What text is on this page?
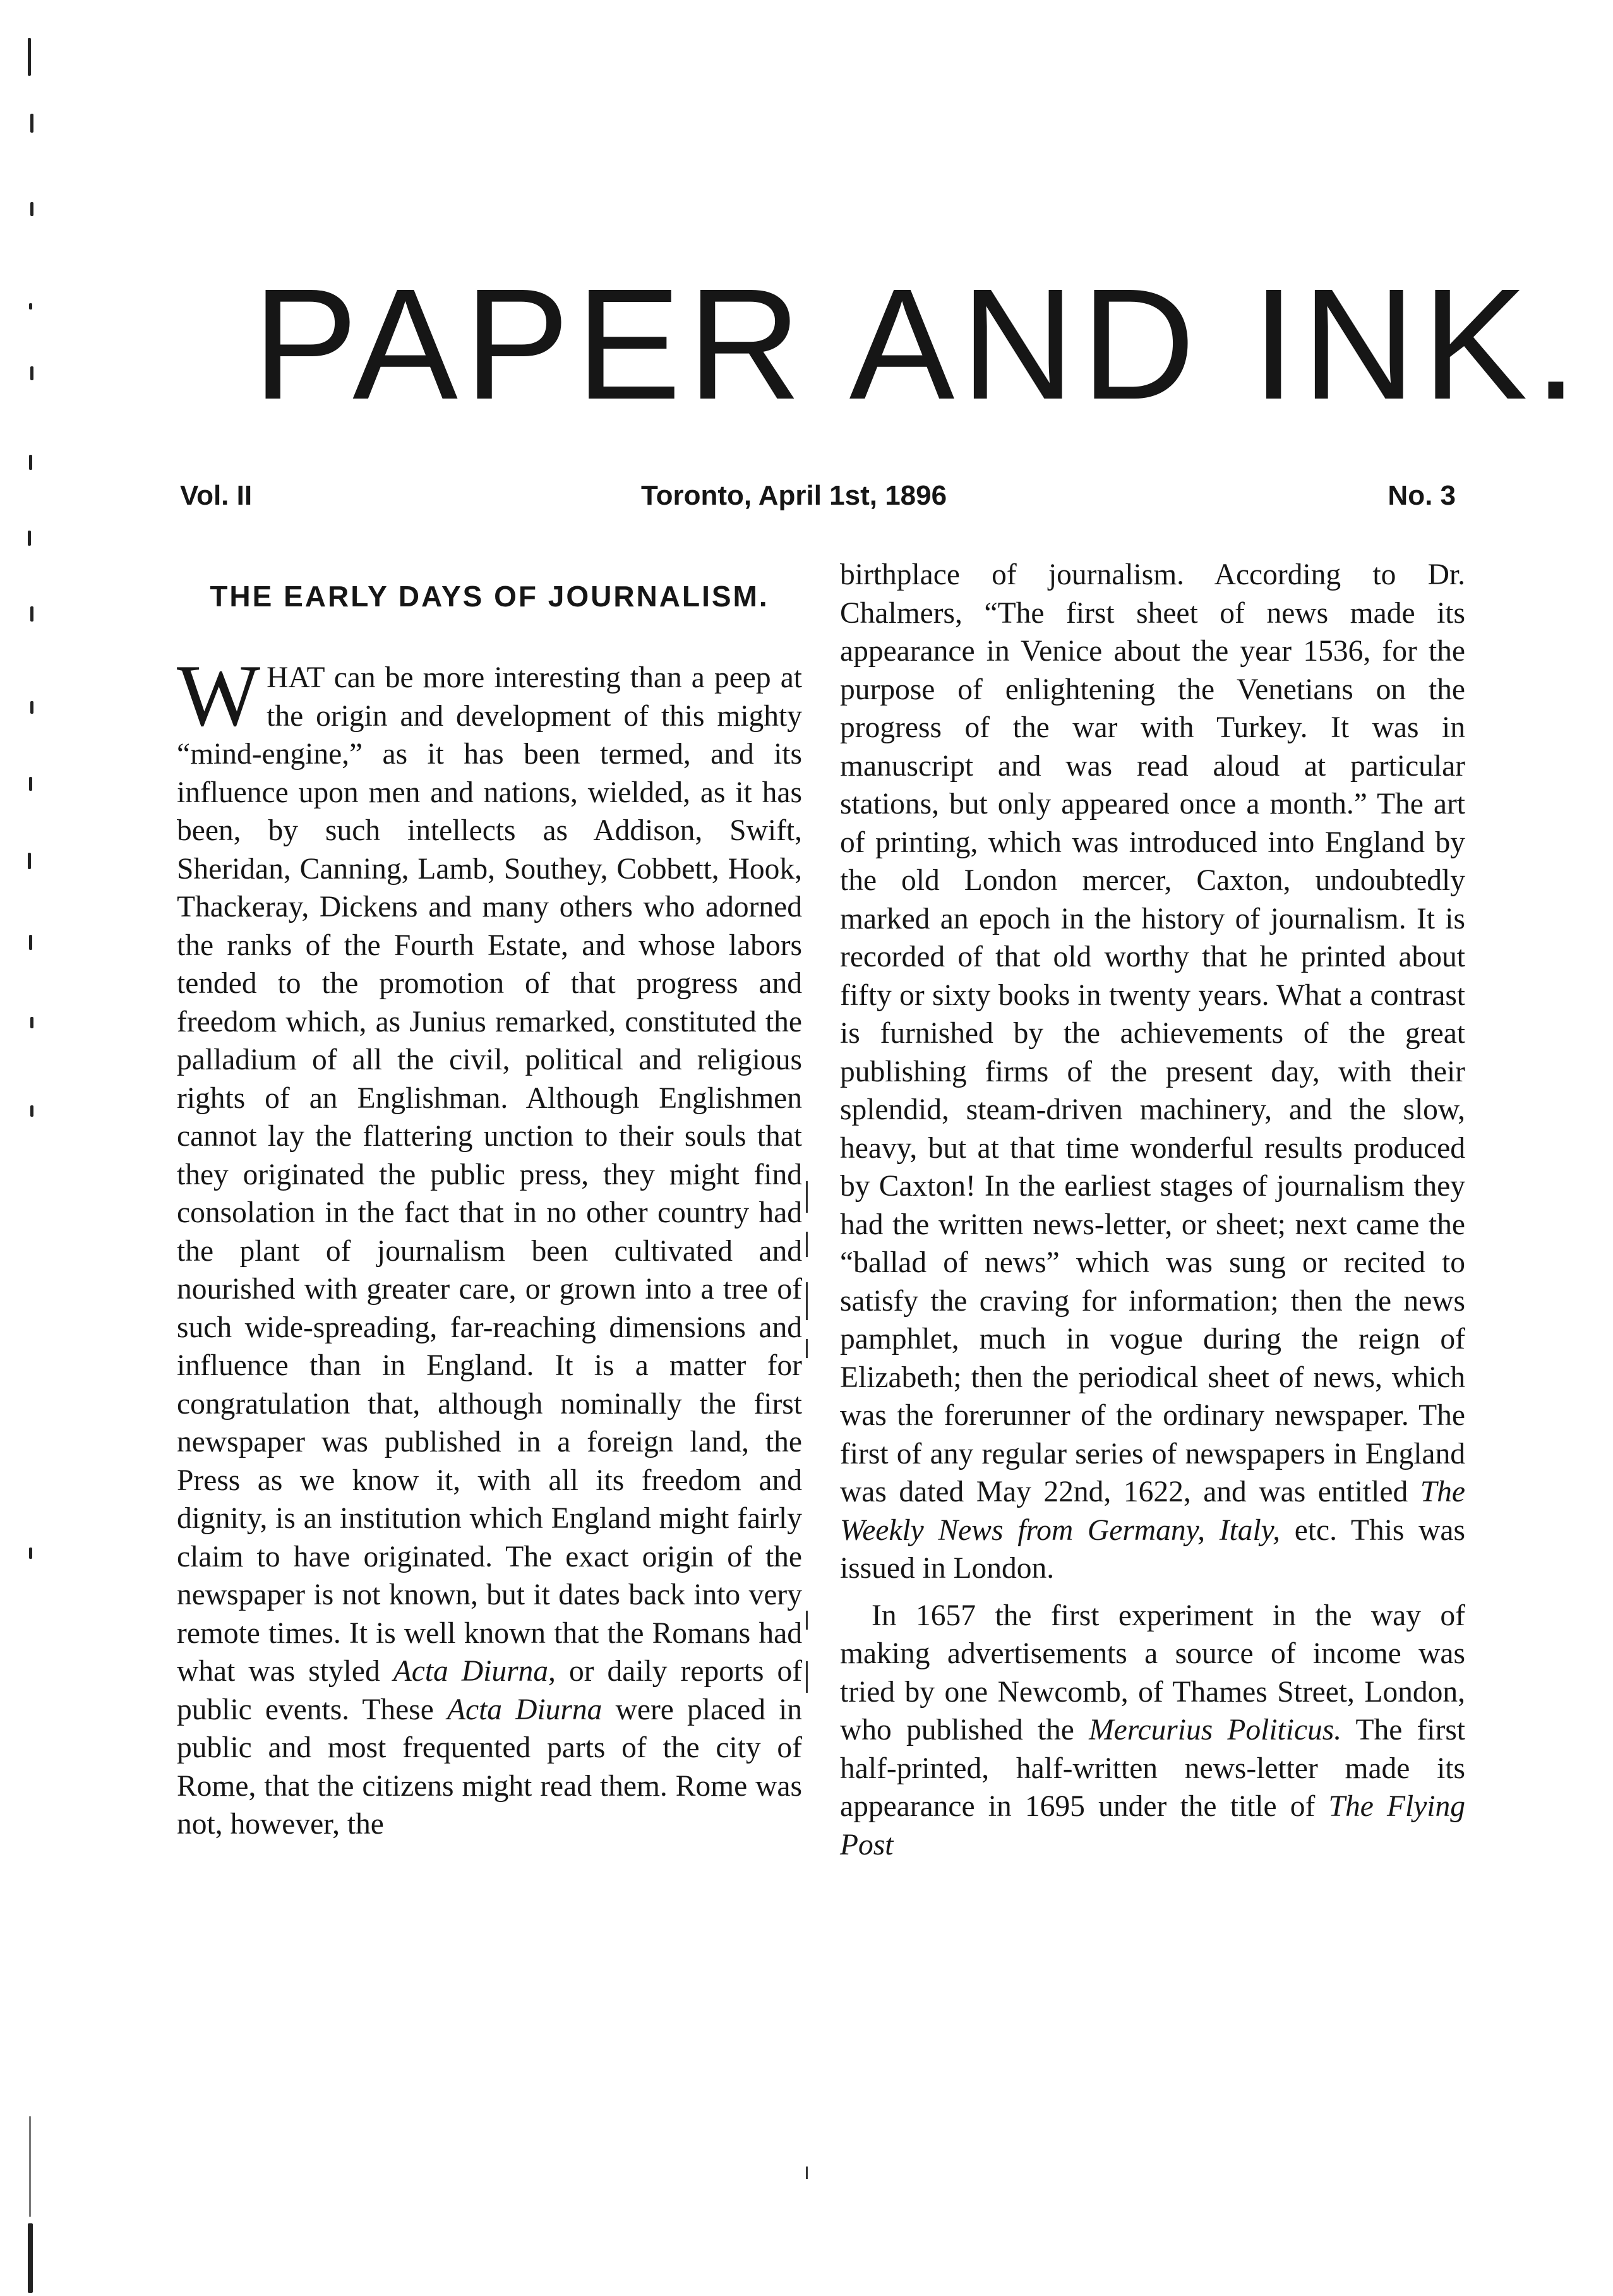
PAPER AND INK.
Vol. II	Toronto, April 1st, 1896	No. 3
THE EARLY DAYS OF JOURNALISM.

WHAT can be more interesting than a peep at the origin and development of this mighty “mind-engine,” as it has been termed, and its influence upon men and nations, wielded, as it has been, by such intellects as Addison, Swift, Sheridan, Canning, Lamb, Southey, Cobbett, Hook, Thackeray, Dickens and many others who adorned the ranks of the Fourth Estate, and whose labors tended to the promotion of that progress and freedom which, as Junius remarked, constituted the palladium of all the civil, political and religious rights of an Englishman. Although Englishmen cannot lay the flattering unction to their souls that they originated the public press, they might find consolation in the fact that in no other country had the plant of journalism been cultivated and nourished with greater care, or grown into a tree of such wide-spreading, far-reaching dimensions and influence than in England. It is a matter for congratulation that, although nominally the first newspaper was published in a foreign land, the Press as we know it, with all its freedom and dignity, is an institution which England might fairly claim to have originated. The exact origin of the newspaper is not known, but it dates back into very remote times. It is well known that the Romans had what was styled Acta Diurna, or daily reports of public events. These Acta Diurna were placed in public and most frequented parts of the city of Rome, that the citizens might read them. Rome was not, however, the

birthplace of journalism. According to Dr. Chalmers, “The first sheet of news made its appearance in Venice about the year 1536, for the purpose of enlightening the Venetians on the progress of the war with Turkey. It was in manuscript and was read aloud at particular stations, but only appeared once a month.” The art of printing, which was introduced into England by the old London mercer, Caxton, undoubtedly marked an epoch in the history of journalism. It is recorded of that old worthy that he printed about fifty or sixty books in twenty years. What a contrast is furnished by the achievements of the great publishing firms of the present day, with their splendid, steam-driven machinery, and the slow, heavy, but at that time wonderful results produced by Caxton! In the earliest stages of journalism they had the written news-letter, or sheet; next came the “ballad of news” which was sung or recited to satisfy the craving for information; then the news pamphlet, much in vogue during the reign of Elizabeth; then the periodical sheet of news, which was the forerunner of the ordinary newspaper. The first of any regular series of newspapers in England was dated May 22nd, 1622, and was entitled The Weekly News from Germany, Italy, etc. This was issued in London.

In 1657 the first experiment in the way of making advertisements a source of income was tried by one Newcomb, of Thames Street, London, who published the Mercurius Politicus. The first half-printed, half-written news-letter made its appearance in 1695 under the title of The Flying Post
